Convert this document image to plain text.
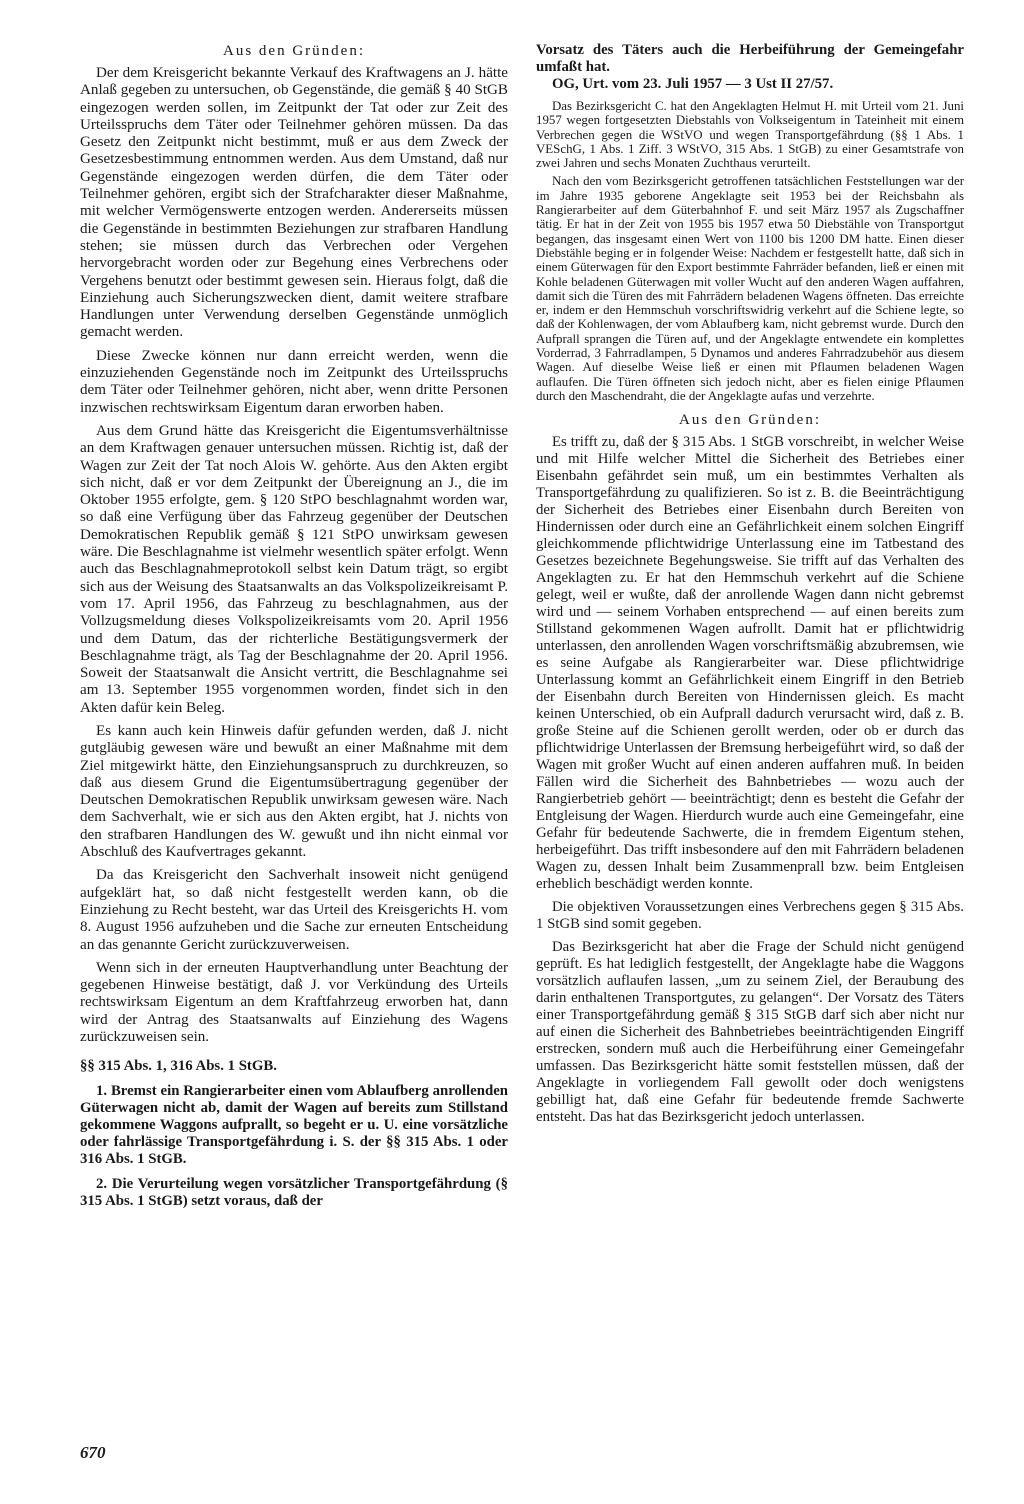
Aus den Gründen:

Der dem Kreisgericht bekannte Verkauf des Kraftwagens an J. hätte Anlaß gegeben zu untersuchen, ob Gegenstände, die gemäß § 40 StGB eingezogen werden sollen, im Zeitpunkt der Tat oder zur Zeit des Urteilsspruchs dem Täter oder Teilnehmer gehören müssen. Da das Gesetz den Zeitpunkt nicht bestimmt, muß er aus dem Zweck der Gesetzesbestimmung entnommen werden. Aus dem Umstand, daß nur Gegenstände eingezogen werden dürfen, die dem Täter oder Teilnehmer gehören, ergibt sich der Strafcharakter dieser Maßnahme, mit welcher Vermögenswerte entzogen werden. Andererseits müssen die Gegenstände in bestimmten Beziehungen zur strafbaren Handlung stehen; sie müssen durch das Verbrechen oder Vergehen hervorgebracht worden oder zur Begehung eines Verbrechens oder Vergehens benutzt oder bestimmt gewesen sein. Hieraus folgt, daß die Einziehung auch Sicherungszwecken dient, damit weitere strafbare Handlungen unter Verwendung derselben Gegenstände unmöglich gemacht werden.

Diese Zwecke können nur dann erreicht werden, wenn die einzuziehenden Gegenstände noch im Zeitpunkt des Urteilsspruchs dem Täter oder Teilnehmer gehören, nicht aber, wenn dritte Personen inzwischen rechtswirksam Eigentum daran erworben haben.

Aus dem Grund hätte das Kreisgericht die Eigentumsverhältnisse an dem Kraftwagen genauer untersuchen müssen. Richtig ist, daß der Wagen zur Zeit der Tat noch Alois W. gehörte. Aus den Akten ergibt sich nicht, daß er vor dem Zeitpunkt der Übereignung an J., die im Oktober 1955 erfolgte, gem. § 120 StPO beschlagnahmt worden war, so daß eine Verfügung über das Fahrzeug gegenüber der Deutschen Demokratischen Republik gemäß § 121 StPO unwirksam gewesen wäre. Die Beschlagnahme ist vielmehr wesentlich später erfolgt. Wenn auch das Beschlagnahmeprotokoll selbst kein Datum trägt, so ergibt sich aus der Weisung des Staatsanwalts an das Volkspolizeikreisamt P. vom 17. April 1956, das Fahrzeug zu beschlagnahmen, aus der Vollzugsmeldung dieses Volkspolizeikreisamts vom 20. April 1956 und dem Datum, das der richterliche Bestätigungsvermerk der Beschlagnahme trägt, als Tag der Beschlagnahme der 20. April 1956. Soweit der Staatsanwalt die Ansicht vertritt, die Beschlagnahme sei am 13. September 1955 vorgenommen worden, findet sich in den Akten dafür kein Beleg.

Es kann auch kein Hinweis dafür gefunden werden, daß J. nicht gutgläubig gewesen wäre und bewußt an einer Maßnahme mit dem Ziel mitgewirkt hätte, den Einziehungsanspruch zu durchkreuzen, so daß aus diesem Grund die Eigentumsübertragung gegenüber der Deutschen Demokratischen Republik unwirksam gewesen wäre. Nach dem Sachverhalt, wie er sich aus den Akten ergibt, hat J. nichts von den strafbaren Handlungen des W. gewußt und ihn nicht einmal vor Abschluß des Kaufvertrages gekannt.

Da das Kreisgericht den Sachverhalt insoweit nicht genügend aufgeklärt hat, so daß nicht festgestellt werden kann, ob die Einziehung zu Recht besteht, war das Urteil des Kreisgerichts H. vom 8. August 1956 aufzuheben und die Sache zur erneuten Entscheidung an das genannte Gericht zurückzuverweisen.

Wenn sich in der erneuten Hauptverhandlung unter Beachtung der gegebenen Hinweise bestätigt, daß J. vor Verkündung des Urteils rechtswirksam Eigentum an dem Kraftfahrzeug erworben hat, dann wird der Antrag des Staatsanwalts auf Einziehung des Wagens zurückzuweisen sein.

§§ 315 Abs. 1, 316 Abs. 1 StGB.

1. Bremst ein Rangierarbeiter einen vom Ablaufberg anrollenden Güterwagen nicht ab, damit der Wagen auf bereits zum Stillstand gekommene Waggons aufprallt, so begeht er u. U. eine vorsätzliche oder fahrlässige Transportgefährdung i. S. der §§ 315 Abs. 1 oder 316 Abs. 1 StGB.

2. Die Verurteilung wegen vorsätzlicher Transportgefährdung (§ 315 Abs. 1 StGB) setzt voraus, daß der

Vorsatz des Täters auch die Herbeiführung der Gemeingefahr umfaßt hat.

OG, Urt. vom 23. Juli 1957 — 3 Ust II 27/57.

Das Bezirksgericht C. hat den Angeklagten Helmut H. mit Urteil vom 21. Juni 1957 wegen fortgesetzten Diebstahls von Volkseigentum in Tateinheit mit einem Verbrechen gegen die WStVO und wegen Transportgefährdung (§§ 1 Abs. 1 VESchG, 1 Abs. 1 Ziff. 3 WStVO, 315 Abs. 1 StGB) zu einer Gesamtstrafe von zwei Jahren und sechs Monaten Zuchthaus verurteilt.

Nach den vom Bezirksgericht getroffenen tatsächlichen Feststellungen war der im Jahre 1935 geborene Angeklagte seit 1953 bei der Reichsbahn als Rangierarbeiter auf dem Güterbahnhof F. und seit März 1957 als Zugschaffner tätig. Er hat in der Zeit von 1955 bis 1957 etwa 50 Diebstähle von Transportgut begangen, das insgesamt einen Wert von 1100 bis 1200 DM hatte. Einen dieser Diebstähle beging er in folgender Weise: Nachdem er festgestellt hatte, daß sich in einem Güterwagen für den Export bestimmte Fahrräder befanden, ließ er einen mit Kohle beladenen Güterwagen mit voller Wucht auf den anderen Wagen auffahren, damit sich die Türen des mit Fahrrädern beladenen Wagens öffneten. Das erreichte er, indem er den Hemmschuh vorschriftswidrig verkehrt auf die Schiene legte, so daß der Kohlenwagen, der vom Ablaufberg kam, nicht gebremst wurde. Durch den Aufprall sprangen die Türen auf, und der Angeklagte entwendete ein komplettes Vorderrad, 3 Fahrradlampen, 5 Dynamos und anderes Fahrradzubehör aus diesem Wagen. Auf dieselbe Weise ließ er einen mit Pflaumen beladenen Wagen auflaufen. Die Türen öffneten sich jedoch nicht, aber es fielen einige Pflaumen durch den Maschendraht, die der Angeklagte aufas und verzehrte.

Aus den Gründen:

Es trifft zu, daß der § 315 Abs. 1 StGB vorschreibt, in welcher Weise und mit Hilfe welcher Mittel die Sicherheit des Betriebes einer Eisenbahn gefährdet sein muß, um ein bestimmtes Verhalten als Transportgefährdung zu qualifizieren. So ist z. B. die Beeinträchtigung der Sicherheit des Betriebes einer Eisenbahn durch Bereiten von Hindernissen oder durch eine an Gefährlichkeit einem solchen Eingriff gleichkommende pflichtwidrige Unterlassung eine im Tatbestand des Gesetzes bezeichnete Begehungsweise. Sie trifft auf das Verhalten des Angeklagten zu. Er hat den Hemmschuh verkehrt auf die Schiene gelegt, weil er wußte, daß der anrollende Wagen dann nicht gebremst wird und — seinem Vorhaben entsprechend — auf einen bereits zum Stillstand gekommenen Wagen aufrollt. Damit hat er pflichtwidrig unterlassen, den anrollenden Wagen vorschriftsmäßig abzubremsen, wie es seine Aufgabe als Rangierarbeiter war. Diese pflichtwidrige Unterlassung kommt an Gefährlichkeit einem Eingriff in den Betrieb der Eisenbahn durch Bereiten von Hindernissen gleich. Es macht keinen Unterschied, ob ein Aufprall dadurch verursacht wird, daß z. B. große Steine auf die Schienen gerollt werden, oder ob er durch das pflichtwidrige Unterlassen der Bremsung herbeigeführt wird, so daß der Wagen mit großer Wucht auf einen anderen auffahren muß. In beiden Fällen wird die Sicherheit des Bahnbetriebes — wozu auch der Rangierbetrieb gehört — beeinträchtigt; denn es besteht die Gefahr der Entgleisung der Wagen. Hierdurch wurde auch eine Gemeingefahr, eine Gefahr für bedeutende Sachwerte, die in fremdem Eigentum stehen, herbeigeführt. Das trifft insbesondere auf den mit Fahrrädern beladenen Wagen zu, dessen Inhalt beim Zusammenprall bzw. beim Entgleisen erheblich beschädigt werden konnte.

Die objektiven Voraussetzungen eines Verbrechens gegen § 315 Abs. 1 StGB sind somit gegeben.

Das Bezirksgericht hat aber die Frage der Schuld nicht genügend geprüft. Es hat lediglich festgestellt, der Angeklagte habe die Waggons vorsätzlich auflaufen lassen, „um zu seinem Ziel, der Beraubung des darin enthaltenen Transportgutes, zu gelangen“. Der Vorsatz des Täters einer Transportgefährdung gemäß § 315 StGB darf sich aber nicht nur auf einen die Sicherheit des Bahnbetriebes beeinträchtigenden Eingriff erstrecken, sondern muß auch die Herbeiführung einer Gemeingefahr umfassen. Das Bezirksgericht hätte somit feststellen müssen, daß der Angeklagte in vorliegendem Fall gewollt oder doch wenigstens gebilligt hat, daß eine Gefahr für bedeutende fremde Sachwerte entsteht. Das hat das Bezirksgericht jedoch unterlassen.

670
